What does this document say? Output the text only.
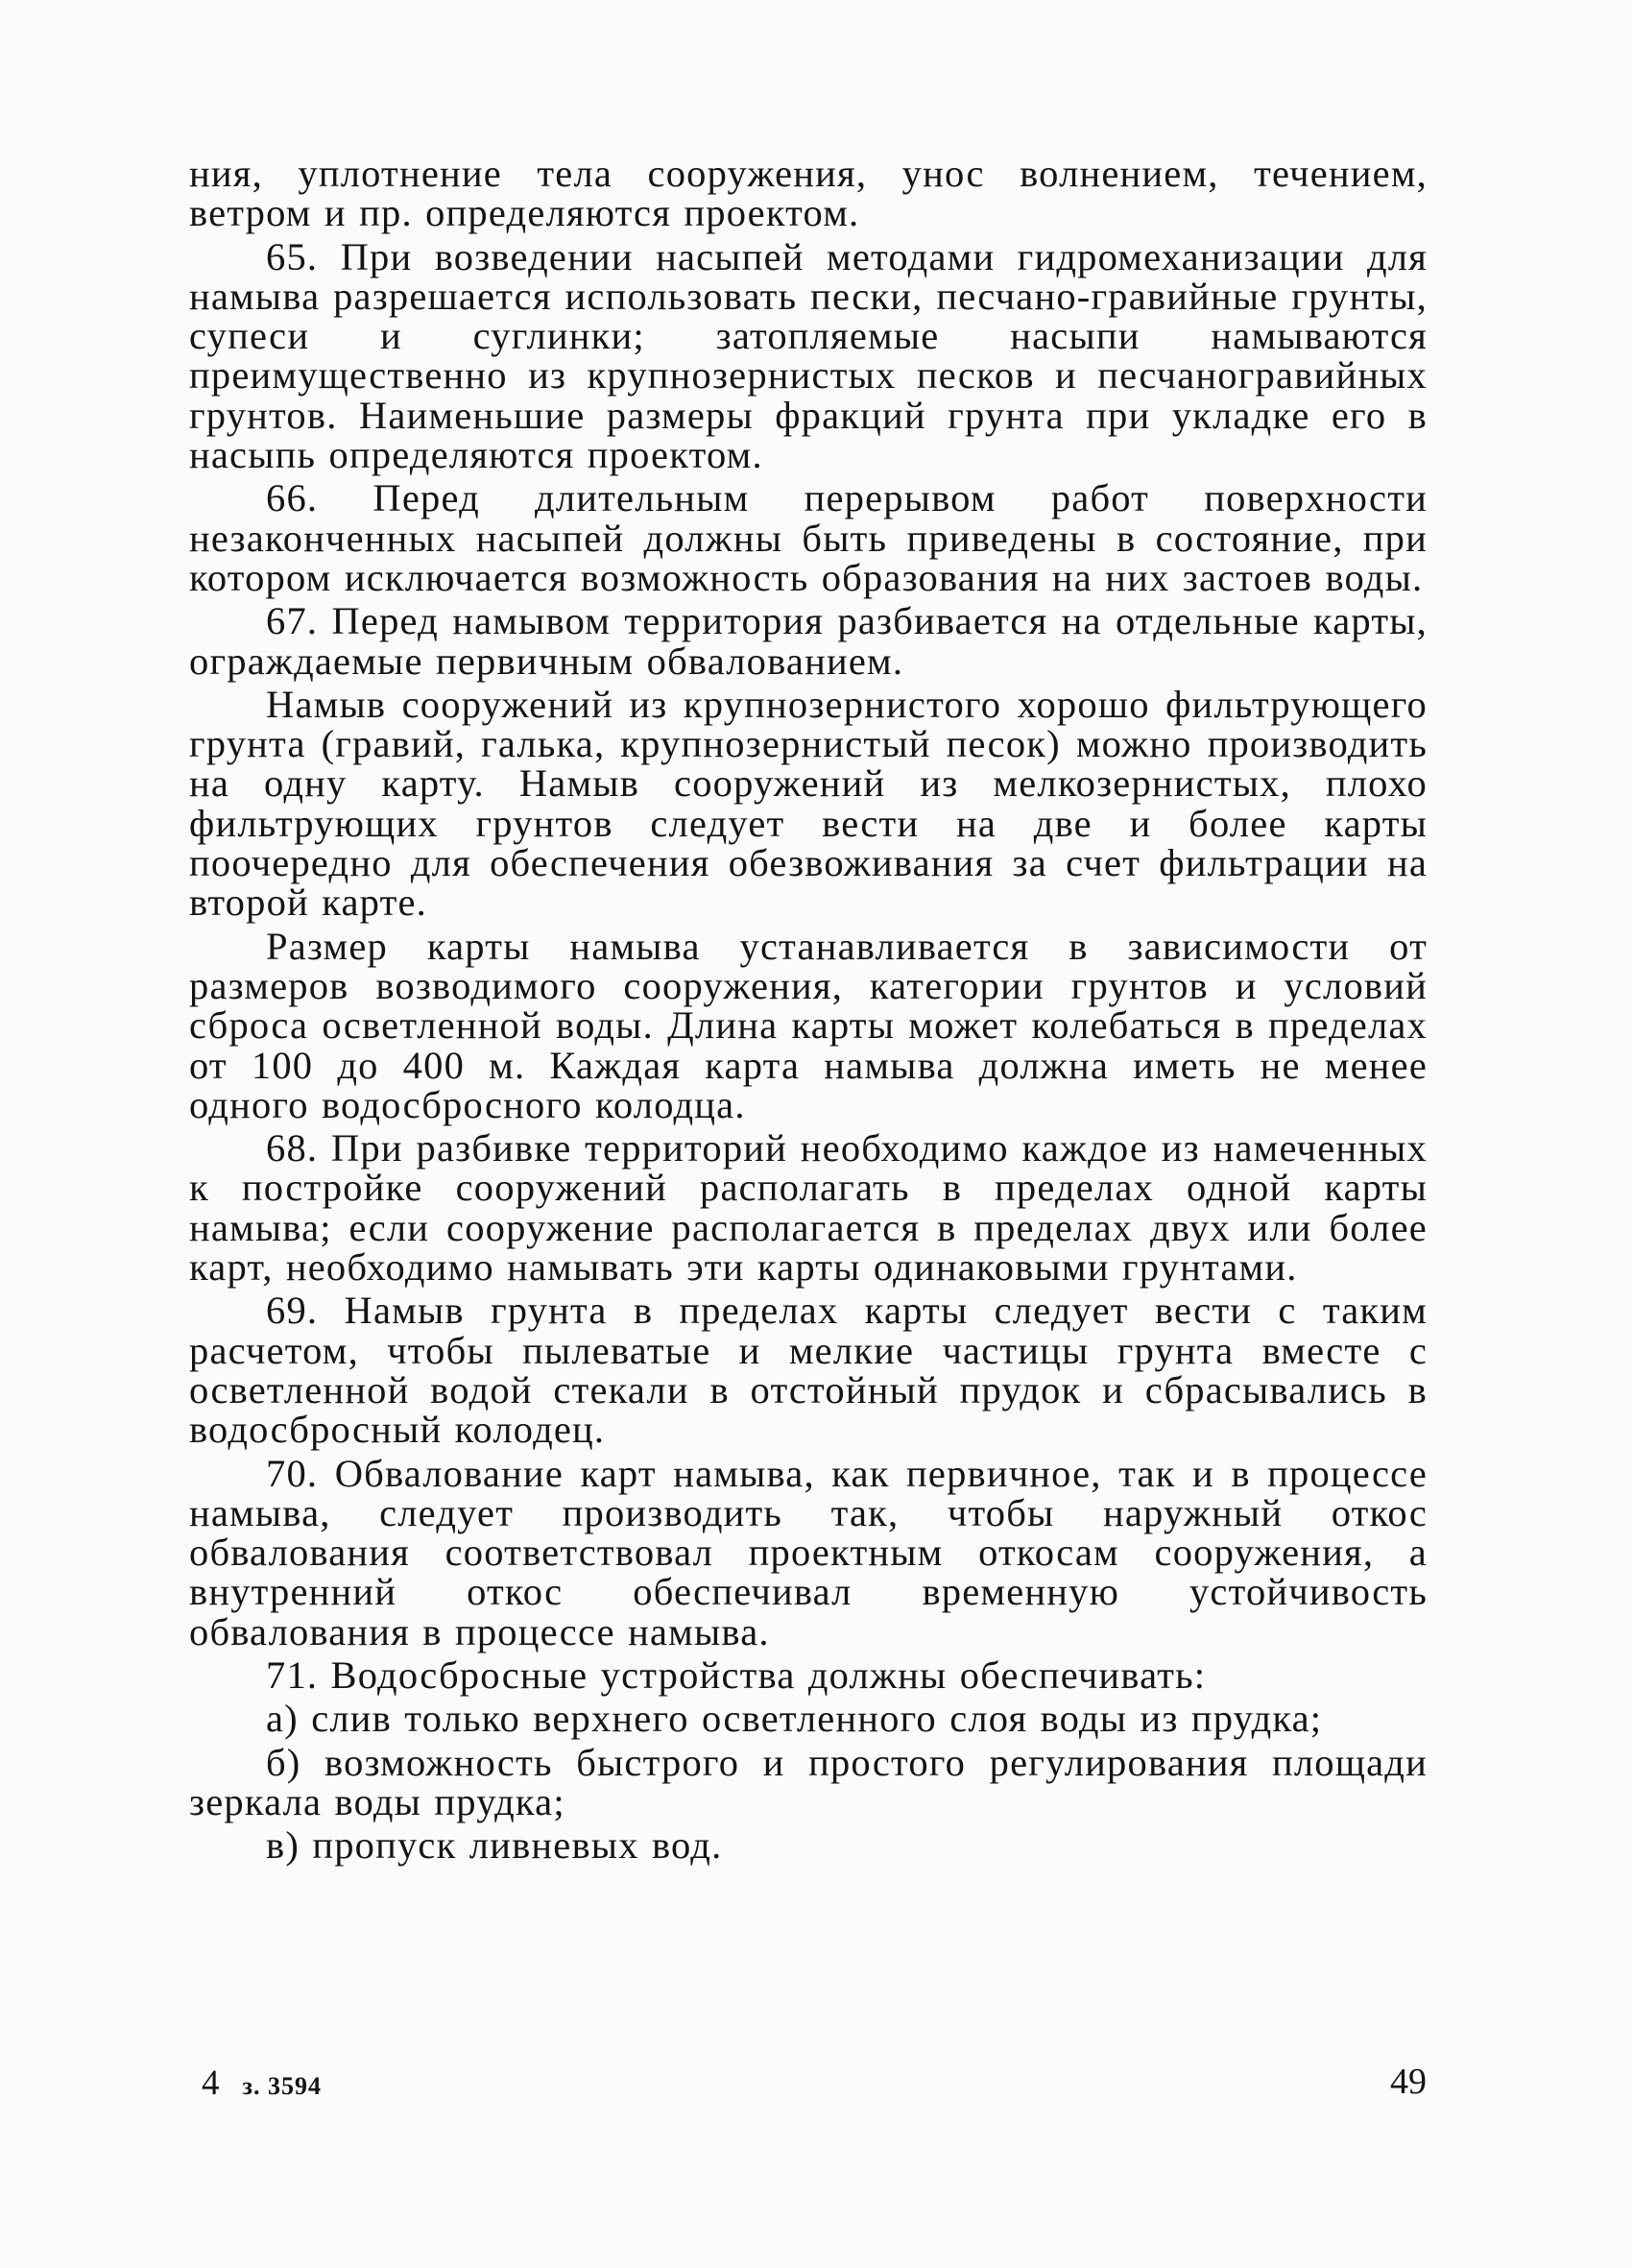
ния, уплотнение тела сооружения, унос волнением, течением, ветром и пр. определяются проектом.

65. При возведении насыпей методами гидромеханизации для намыва разрешается использовать пески, песчано-гравийные грунты, супеси и суглинки; затопляемые насыпи намываются преимущественно из крупнозернистых песков и песчаногравийных грунтов. Наименьшие размеры фракций грунта при укладке его в насыпь определяются проектом.

66. Перед длительным перерывом работ поверхности незаконченных насыпей должны быть приведены в состояние, при котором исключается возможность образования на них застоев воды.

67. Перед намывом территория разбивается на отдельные карты, ограждаемые первичным обвалованием.

Намыв сооружений из крупнозернистого хорошо фильтрующего грунта (гравий, галька, крупнозернистый песок) можно производить на одну карту. Намыв сооружений из мелкозернистых, плохо фильтрующих грунтов следует вести на две и более карты поочередно для обеспечения обезвоживания за счет фильтрации на второй карте.

Размер карты намыва устанавливается в зависимости от размеров возводимого сооружения, категории грунтов и условий сброса осветленной воды. Длина карты может колебаться в пределах от 100 до 400 м. Каждая карта намыва должна иметь не менее одного водосбросного колодца.

68. При разбивке территорий необходимо каждое из намеченных к постройке сооружений располагать в пределах одной карты намыва; если сооружение располагается в пределах двух или более карт, необходимо намывать эти карты одинаковыми грунтами.

69. Намыв грунта в пределах карты следует вести с таким расчетом, чтобы пылеватые и мелкие частицы грунта вместе с осветленной водой стекали в отстойный прудок и сбрасывались в водосбросный колодец.

70. Обвалование карт намыва, как первичное, так и в процессе намыва, следует производить так, чтобы наружный откос обвалования соответствовал проектным откосам сооружения, а внутренний откос обеспечивал временную устойчивость обвалования в процессе намыва.

71. Водосбросные устройства должны обеспечивать:

а) слив только верхнего осветленного слоя воды из прудка;

б) возможность быстрого и простого регулирования площади зеркала воды прудка;

в) пропуск ливневых вод.

4 з. 3594	49
